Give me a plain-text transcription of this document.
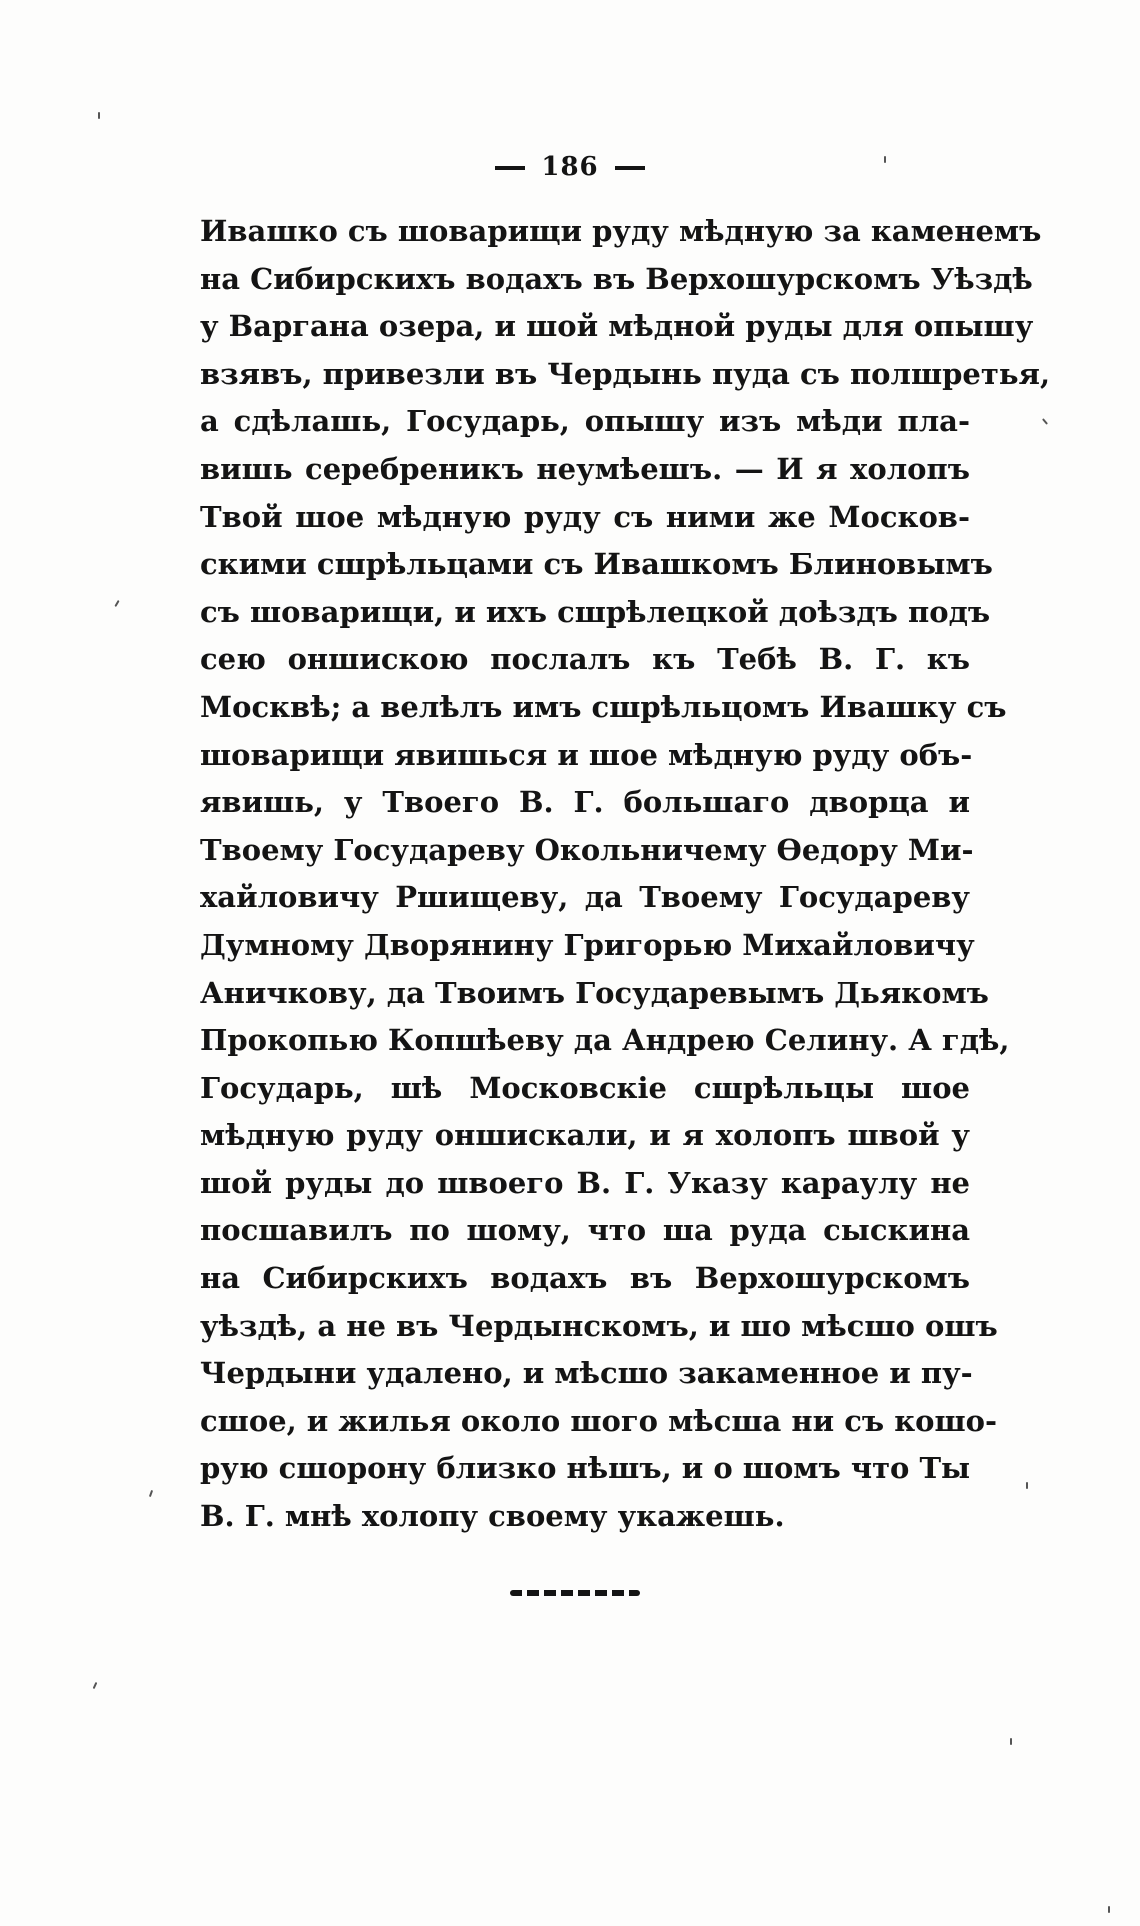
186
Ивашко съ шоварищи руду мѣдную за каменемъ
на Сибирскихъ водахъ въ Верхошурскомъ Уѣздѣ
у Варгана озера, и шой мѣдной руды для опышу
взявъ, привезли въ Чердынь пуда съ полшретья,
а сдѣлашь, Государь, опышу изъ мѣди пла-
вишь серебреникъ неумѣешъ. — И я холопъ
Твой шое мѣдную руду съ ними же Москов-
скими сшрѣльцами съ Ивашкомъ Блиновымъ
съ шоварищи, и ихъ сшрѣлецкой доѣздъ подъ
сею оншискою послалъ къ Тебѣ В. Г. къ
Москвѣ; а велѣлъ имъ сшрѣльцомъ Ивашку съ
шоварищи явишься и шое мѣдную руду объ-
явишь, у Твоего В. Г. большаго дворца и
Твоему Государеву Окольничему Ѳедору Ми-
хайловичу Ршищеву, да Твоему Государеву
Думному Дворянину Григорью Михайловичу
Аничкову, да Твоимъ Государевымъ Дьякомъ
Прокопью Копшѣеву да Андрею Селину. А гдѣ,
Государь, шѣ Московскіе сшрѣльцы шое
мѣдную руду оншискали, и я холопъ швой у
шой руды до швоего В. Г. Указу караулу не
посшавилъ по шому, что ша руда сыскина
на Сибирскихъ водахъ въ Верхошурскомъ
уѣздѣ, а не въ Чердынскомъ, и шо мѣсшо ошъ
Чердыни удалено, и мѣсшо закаменное и пу-
сшое, и жилья около шого мѣсша ни съ кошо-
рую сшорону близко нѣшъ, и о шомъ что Ты
В. Г. мнѣ холопу своему укажешь.
